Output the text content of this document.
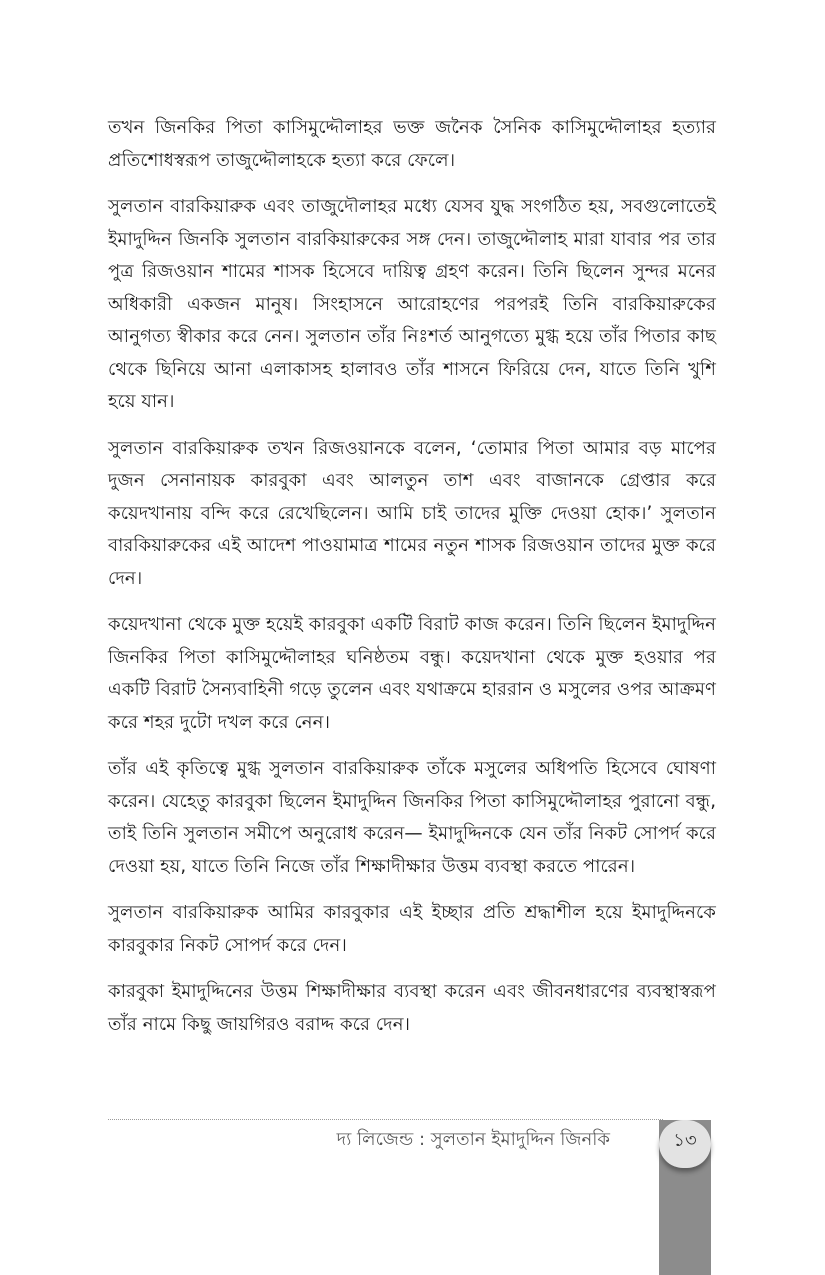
তখন জিনকির পিতা কাসিমুদ্দৌলাহর ভক্ত জনৈক সৈনিক কাসিমুদ্দৌলাহর হত্যার প্রতিশোধস্বরূপ তাজুদ্দৌলাহকে হত্যা করে ফেলে।

সুলতান বারকিয়ারুক এবং তাজুদৌলাহর মধ্যে যেসব যুদ্ধ সংগঠিত হয়, সবগুলোতেই ইমাদুদ্দিন জিনকি সুলতান বারকিয়ারুকের সঙ্গ দেন। তাজুদ্দৌলাহ মারা যাবার পর তার পুত্র রিজওয়ান শামের শাসক হিসেবে দায়িত্ব গ্রহণ করেন। তিনি ছিলেন সুন্দর মনের অধিকারী একজন মানুষ। সিংহাসনে আরোহণের পরপরই তিনি বারকিয়ারুকের আনুগত্য স্বীকার করে নেন। সুলতান তাঁর নিঃশর্ত আনুগত্যে মুগ্ধ হয়ে তাঁর পিতার কাছ থেকে ছিনিয়ে আনা এলাকাসহ হালাবও তাঁর শাসনে ফিরিয়ে দেন, যাতে তিনি খুশি হয়ে যান।

সুলতান বারকিয়ারুক তখন রিজওয়ানকে বলেন, ‘তোমার পিতা আমার বড় মাপের দুজন সেনানায়ক কারবুকা এবং আলতুন তাশ এবং বাজানকে গ্রেপ্তার করে কয়েদখানায় বন্দি করে রেখেছিলেন। আমি চাই তাদের মুক্তি দেওয়া হোক।’ সুলতান বারকিয়ারুকের এই আদেশ পাওয়ামাত্র শামের নতুন শাসক রিজওয়ান তাদের মুক্ত করে দেন।

কয়েদখানা থেকে মুক্ত হয়েই কারবুকা একটি বিরাট কাজ করেন। তিনি ছিলেন ইমাদুদ্দিন জিনকির পিতা কাসিমুদ্দৌলাহর ঘনিষ্ঠতম বন্ধু। কয়েদখানা থেকে মুক্ত হওয়ার পর একটি বিরাট সৈন্যবাহিনী গড়ে তুলেন এবং যথাক্রমে হাররান ও মসুলের ওপর আক্রমণ করে শহর দুটো দখল করে নেন।

তাঁর এই কৃতিত্বে মুগ্ধ সুলতান বারকিয়ারুক তাঁকে মসুলের অধিপতি হিসেবে ঘোষণা করেন। যেহেতু কারবুকা ছিলেন ইমাদুদ্দিন জিনকির পিতা কাসিমুদ্দৌলাহর পুরানো বন্ধু, তাই তিনি সুলতান সমীপে অনুরোধ করেন— ইমাদুদ্দিনকে যেন তাঁর নিকট সোপর্দ করে দেওয়া হয়, যাতে তিনি নিজে তাঁর শিক্ষাদীক্ষার উত্তম ব্যবস্থা করতে পারেন।

সুলতান বারকিয়ারুক আমির কারবুকার এই ইচ্ছার প্রতি শ্রদ্ধাশীল হয়ে ইমাদুদ্দিনকে কারবুকার নিকট সোপর্দ করে দেন।

কারবুকা ইমাদুদ্দিনের উত্তম শিক্ষাদীক্ষার ব্যবস্থা করেন এবং জীবনধারণের ব্যবস্থাস্বরূপ তাঁর নামে কিছু জায়গিরও বরাদ্দ করে দেন।

দ্য লিজেন্ড : সুলতান ইমাদুদ্দিন জিনকি	১৩
